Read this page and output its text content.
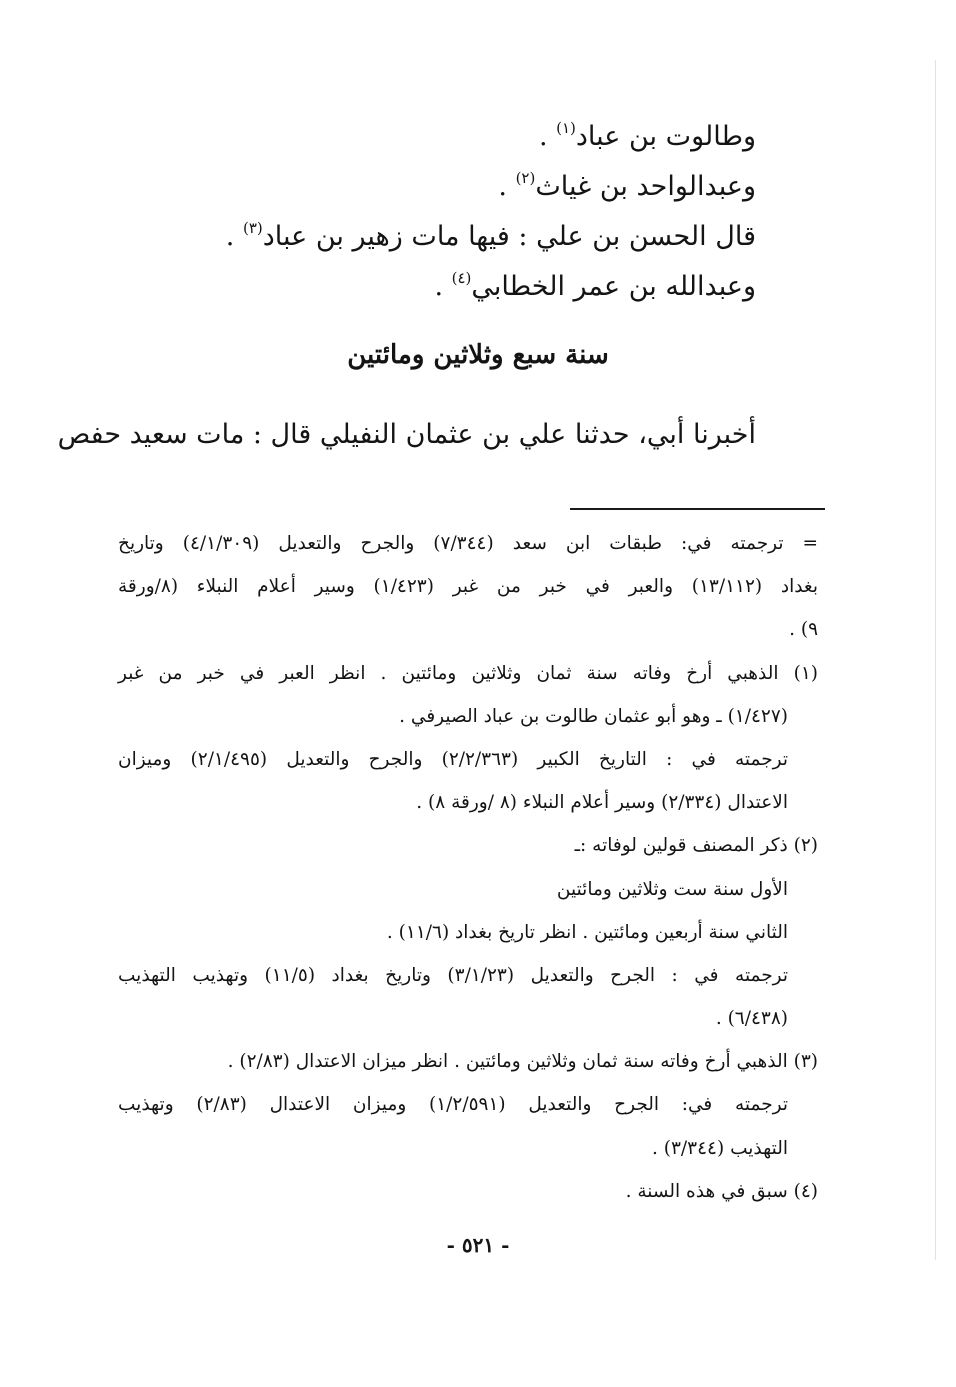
وطالوت بن عباد$^{(١)}$ .
وعبدالواحد بن غياث$^{(٢)}$ .
قال الحسن بن علي : فيها مات زهير بن عباد$^{(٣)}$ .
وعبدالله بن عمر الخطابي$^{(٤)}$ .
سنة سبع وثلاثين ومائتين
أخبرنا أبي، حدثنا علي بن عثمان النفيلي قال : مات سعيد حفص
= ترجمته في: طبقات ابن سعد (٧/٣٤٤) والجرح والتعديل (٤/١/٣٠٩) وتاريخ
بغداد (١٣/١١٢) والعبر في خبر من غبر (١/٤٢٣) وسير أعلام النبلاء (٨/ورقة
٩) .
(١) الذهبي أرخ وفاته سنة ثمان وثلاثين ومائتين . انظر العبر في خبر من غبر
(١/٤٢٧) ـ وهو أبو عثمان طالوت بن عباد الصيرفي .
ترجمته في : التاريخ الكبير (٢/٢/٣٦٣) والجرح والتعديل (٢/١/٤٩٥) وميزان
الاعتدال (٢/٣٣٤) وسير أعلام النبلاء (٨ /ورقة ٨) .
(٢) ذكر المصنف قولين لوفاته :ـ
الأول سنة ست وثلاثين ومائتين
الثاني سنة أربعين ومائتين . انظر تاريخ بغداد (١١/٦) .
ترجمته في : الجرح والتعديل (٣/١/٢٣) وتاريخ بغداد (١١/٥) وتهذيب التهذيب
(٦/٤٣٨) .
(٣) الذهبي أرخ وفاته سنة ثمان وثلاثين ومائتين . انظر ميزان الاعتدال (٢/٨٣) .
ترجمته في: الجرح والتعديل (١/٢/٥٩١) وميزان الاعتدال (٢/٨٣) وتهذيب
التهذيب (٣/٣٤٤) .
(٤) سبق في هذه السنة .
- ٥٢١ -
